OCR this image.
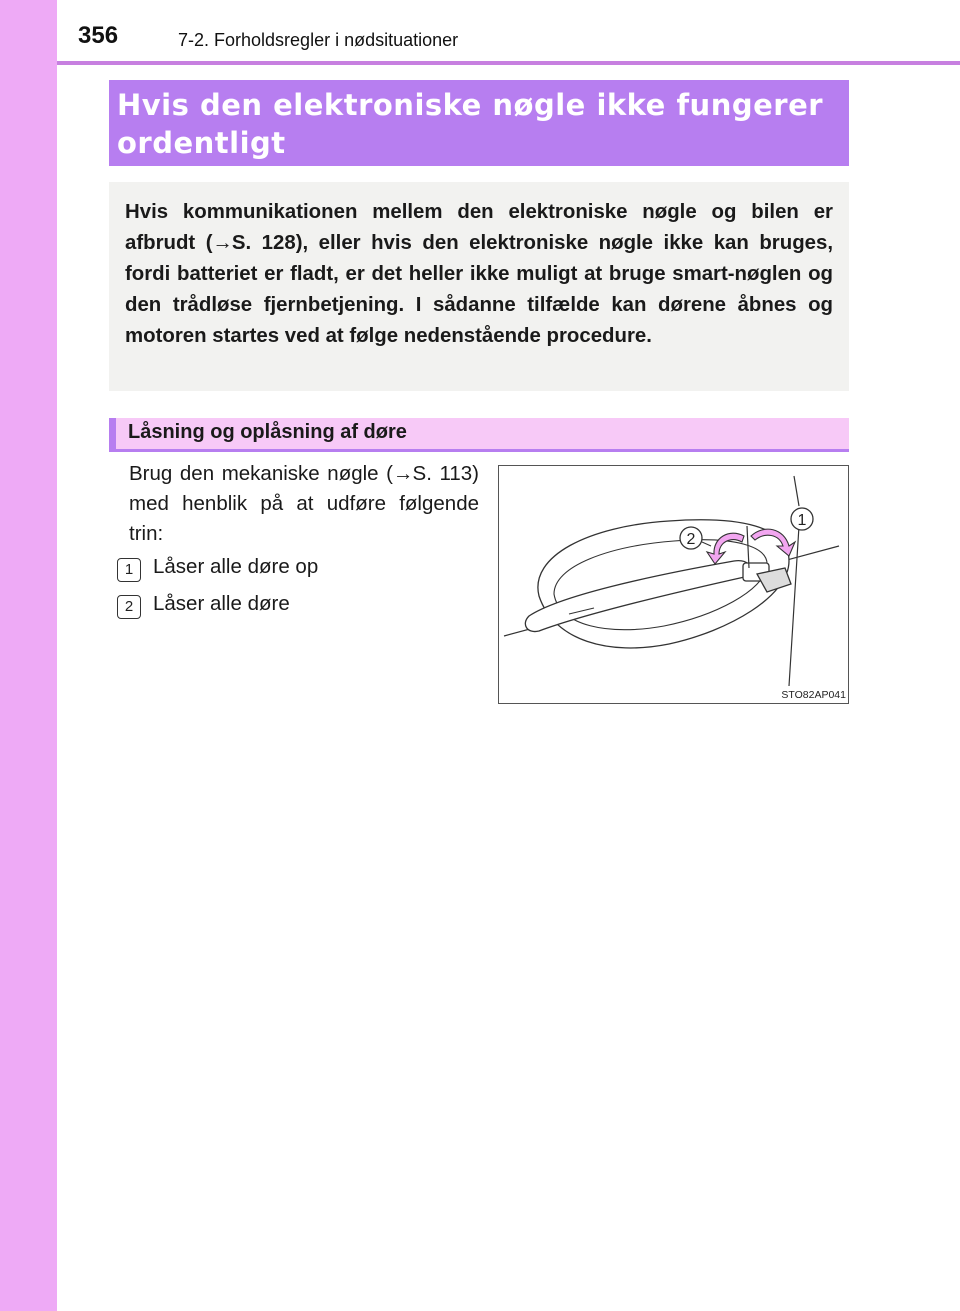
356	7-2. Forholdsregler i nødsituationer

Hvis den elektroniske nøgle ikke fungerer
ordentligt

Hvis kommunikationen mellem den elektroniske nøgle og bilen er afbrudt (→S. 128), eller hvis den elektroniske nøgle ikke kan bruges, fordi batteriet er fladt, er det heller ikke muligt at bruge smart-nøglen og den trådløse fjernbetjening. I sådanne tilfælde kan dørene åbnes og motoren startes ved at følge nedenstående procedure.

Låsning og oplåsning af døre

Brug den mekaniske nøgle (→S. 113) med henblik på at udføre følgende trin:

1 Låser alle døre op
2 Låser alle døre
1
2
STO82AP041
